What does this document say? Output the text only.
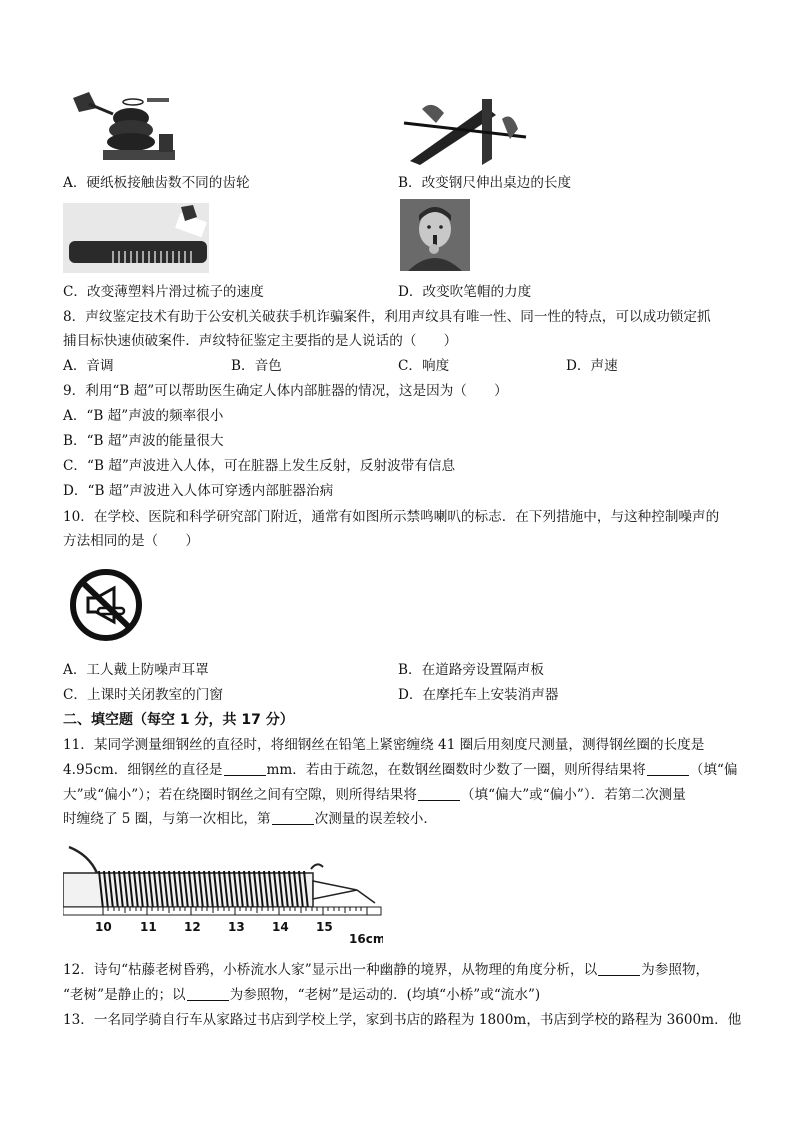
A．硬纸板接触齿数不同的齿轮	B．改变钢尺伸出桌边的长度
C．改变薄塑料片滑过梳子的速度	D．改变吹笔帽的力度
8．声纹鉴定技术有助于公安机关破获手机诈骗案件，利用声纹具有唯一性、同一性的特点，可以成功锁定抓
捕目标快速侦破案件．声纹特征鉴定主要指的是人说话的（　　）
A．音调	B．音色	C．响度	D．声速
9．利用“B 超”可以帮助医生确定人体内部脏器的情况，这是因为（　　）
A．“B 超”声波的频率很小
B．“B 超”声波的能量很大
C．“B 超”声波进入人体，可在脏器上发生反射，反射波带有信息
D．“B 超”声波进入人体可穿透内部脏器治病
10．在学校、医院和科学研究部门附近，通常有如图所示禁鸣喇叭的标志．在下列措施中，与这种控制噪声的
方法相同的是（　　）
A．工人戴上防噪声耳罩	B．在道路旁设置隔声板
C．上课时关闭教室的门窗	D．在摩托车上安装消声器
二、填空题（每空 1 分，共 17 分）
11．某同学测量细钢丝的直径时，将细钢丝在铅笔上紧密缠绕 41 圈后用刻度尺测量，测得钢丝圈的长度是
4.95cm．细钢丝的直径是	mm．若由于疏忽，在数钢丝圈数时少数了一圈，则所得结果将	（填“偏
大”或“偏小”）；若在绕圈时钢丝之间有空隙，则所得结果将	（填“偏大”或“偏小”）．若第二次测量
时缠绕了 5 圈，与第一次相比，第	次测量的误差较小．
10 11 12 13 14 15
16cm
12．诗句“枯藤老树昏鸦，小桥流水人家”显示出一种幽静的境界，从物理的角度分析，以	为参照物，
“老树”是静止的；以	为参照物，“老树”是运动的．(均填“小桥”或“流水”)
13．一名同学骑自行车从家路过书店到学校上学，家到书店的路程为 1800m，书店到学校的路程为 3600m．他
